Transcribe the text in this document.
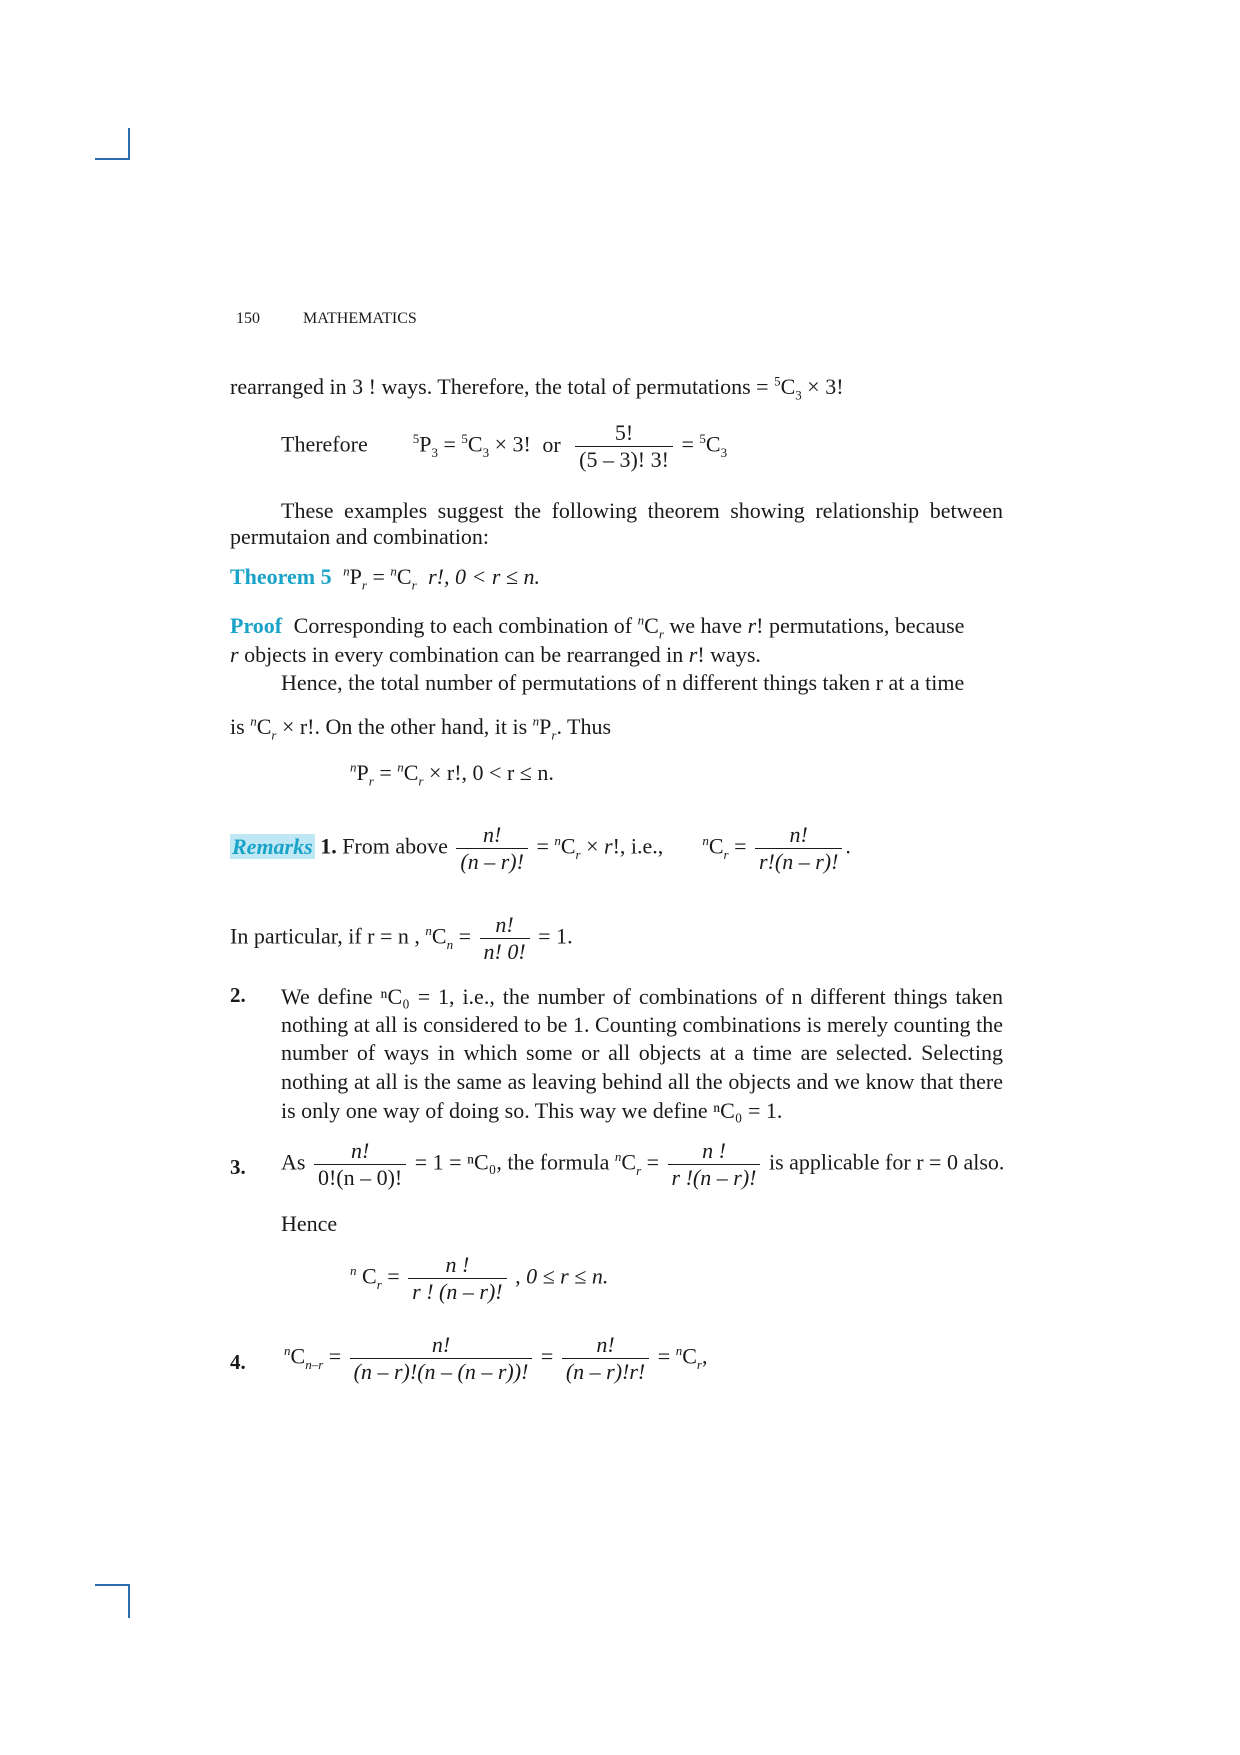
150	MATHEMATICS
rearranged in 3 ! ways. Therefore, the total of permutations = $^5C_3 \times 3$!
Therefore	$^5P_3 = ^5C_3 \times 3$! or $\frac{5!}{(5 - 3)! 3!} = ^5C_3$
These examples suggest the following theorem showing relationship between
permutaion and combination:
Theorem 5 $^nP_r = ^nC_r$ r!, 0 < r ≤ n.
Proof Corresponding to each combination of $^nC_r$ we have r! permutations, because
r objects in every combination can be rearranged in r! ways.
Hence, the total number of permutations of n different things taken r at a time
is $^nC_r \times r$!. On the other hand, it is $^nP_r$. Thus
$^nP_r = ^nC_r \times r$!, 0 < r ≤ n.
Remarks 1. From above $\frac{n!}{(n - r)!} = ^nC_r \times r$!, i.e.,	$^nC_r = \frac{n!}{r!(n - r)!}$ .
In particular, if r = n , $^nC_n = \frac{n!}{n! 0!} = 1$.
2. We define ⁿC₀ = 1, i.e., the number of combinations of n different things taken
nothing at all is considered to be 1. Counting combinations is merely counting the
number of ways in which some or all objects at a time are selected. Selecting
nothing at all is the same as leaving behind all the objects and we know that there
is only one way of doing so. This way we define ⁿC₀ = 1.
3. As $\frac{n!}{0!(n - 0)!} = 1 = ^nC_0$, the formula $^nC_r = \frac{n !}{r !(n - r)!}$ is applicable for r = 0 also.
Hence
$^n$ $C_r = \frac{n !}{r ! (n - r)!}$ , 0 ≤ r ≤ n.
4.	$^nC_{n-r} = \frac{n!}{(n - r)!(n - (n - r))!} = \frac{n!}{(n - r)!r!} = ^nC_r$,
